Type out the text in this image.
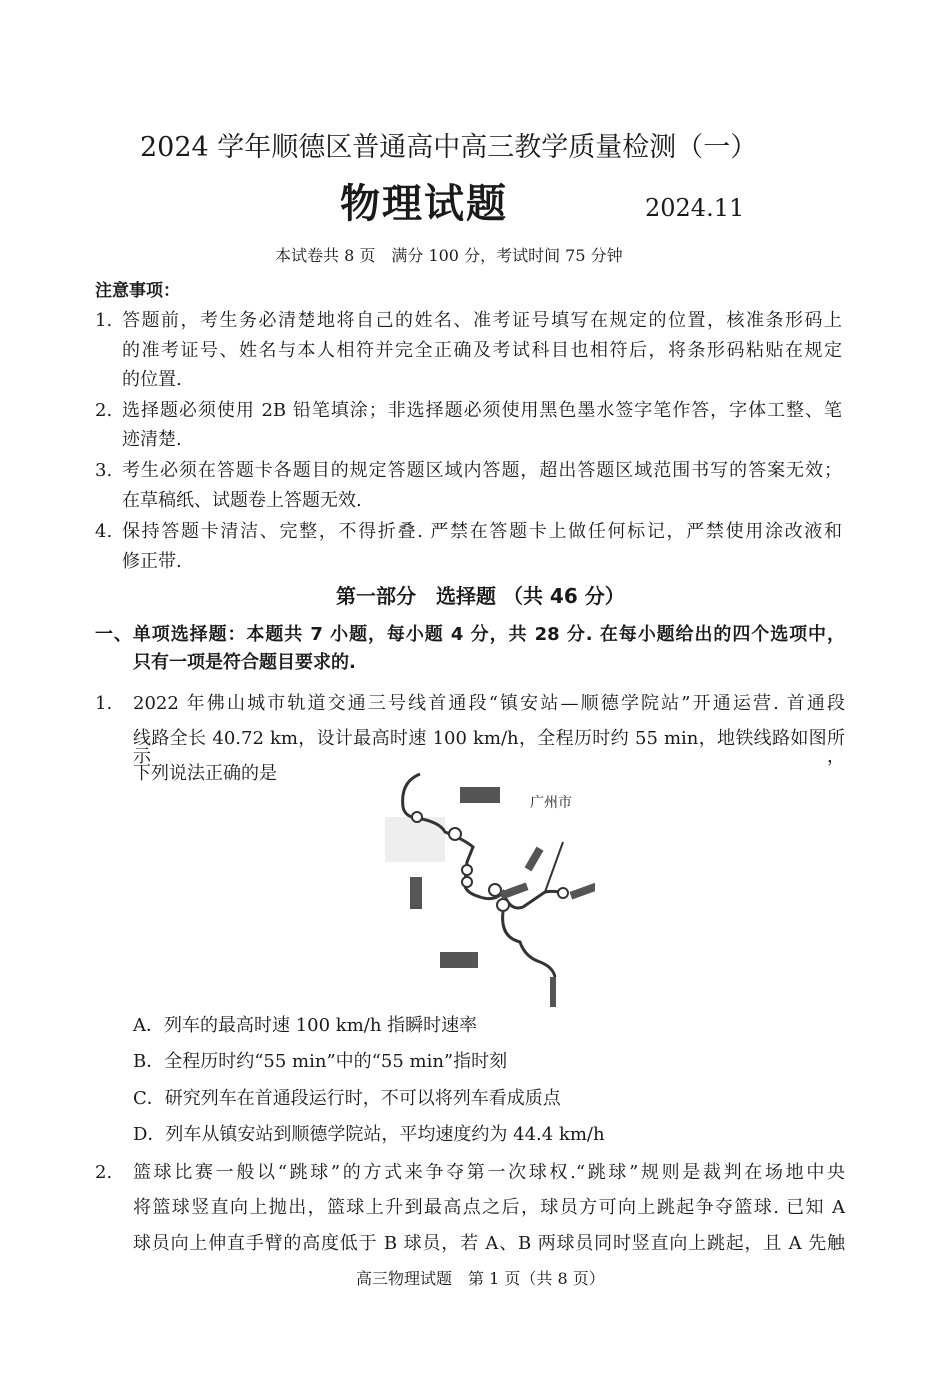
2024 学年顺德区普通高中高三教学质量检测（一）
物理试题	2024.11
本试卷共 8 页　满分 100 分，考试时间 75 分钟
注意事项：
1. 答题前，考生务必清楚地将自己的姓名、准考证号填写在规定的位置，核准条形码上
的准考证号、姓名与本人相符并完全正确及考试科目也相符后，将条形码粘贴在规定
的位置.
2. 选择题必须使用 2B 铅笔填涂；非选择题必须使用黑色墨水签字笔作答，字体工整、笔
迹清楚.
3. 考生必须在答题卡各题目的规定答题区域内答题，超出答题区域范围书写的答案无效；
在草稿纸、试题卷上答题无效.
4. 保持答题卡清洁、完整，不得折叠. 严禁在答题卡上做任何标记，严禁使用涂改液和
修正带.
第一部分　选择题 （共 46 分）
一、单项选择题：本题共 7 小题，每小题 4 分，共 28 分. 在每小题给出的四个选项中，
只有一项是符合题目要求的.
1. 2022 年佛山城市轨道交通三号线首通段“镇安站—顺德学院站”开通运营. 首通段
线路全长 40.72 km，设计最高时速 100 km/h，全程历时约 55 min，地铁线路如图所示，
下列说法正确的是
广州市
A．列车的最高时速 100 km/h 指瞬时速率
B．全程历时约“55 min”中的“55 min”指时刻
C．研究列车在首通段运行时，不可以将列车看成质点
D．列车从镇安站到顺德学院站，平均速度约为 44.4 km/h
2. 篮球比赛一般以“跳球”的方式来争夺第一次球权.“跳球”规则是裁判在场地中央
将篮球竖直向上抛出，篮球上升到最高点之后，球员方可向上跳起争夺篮球. 已知 A
球员向上伸直手臂的高度低于 B 球员，若 A、B 两球员同时竖直向上跳起，且 A 先触
高三物理试题　第 1 页（共 8 页）
